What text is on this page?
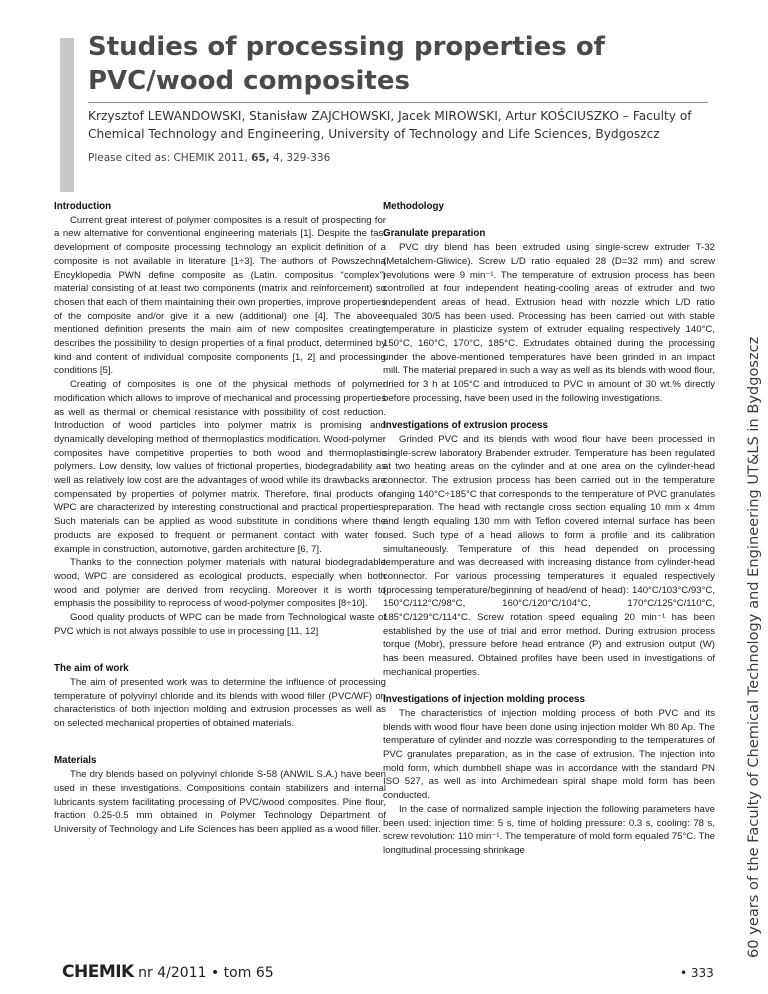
Studies of processing properties of PVC/wood composites
Krzysztof LEWANDOWSKI, Stanisław ZAJCHOWSKI, Jacek MIROWSKI, Artur KOŚCIUSZKO – Faculty of Chemical Technology and Engineering, University of Technology and Life Sciences, Bydgoszcz
Please cited as: CHEMIK 2011, 65, 4, 329-336
60 years of the Faculty of Chemical Technology and Engineering UT&LS in Bydgoszcz
Introduction

Current great interest of polymer composites is a result of prospecting for a new alternative for conventional engineering materials [1]. Despite the fast development of composite processing technology an explicit definition of a composite is not available in literature [1÷3]. The authors of Powszechna Encyklopedia PWN define composite as (Latin. compositus “complex”) material consisting of at least two components (matrix and reinforcement) so chosen that each of them maintaining their own properties, improve properties of the composite and/or give it a new (additional) one [4]. The above-mentioned definition presents the main aim of new composites creating; describes the possibility to design properties of a final product, determined by kind and content of individual composite components [1, 2] and processing conditions [5].

Creating of composites is one of the physical methods of polymer modification which allows to improve of mechanical and processing properties as well as thermal or chemical resistance with possibility of cost reduction. Introduction of wood particles into polymer matrix is promising and dynamically developing method of thermoplastics modification. Wood-polymer composites have competitive properties to both wood and thermoplastic polymers. Low density, low values of frictional properties, biodegradability as well as relatively low cost are the advantages of wood while its drawbacks are compensated by properties of polymer matrix. Therefore, final products of WPC are characterized by interesting constructional and practical properties. Such materials can be applied as wood substitute in conditions where the products are exposed to frequent or permanent contact with water for example in construction, automotive, garden architecture [6, 7].

Thanks to the connection polymer materials with natural biodegradable wood, WPC are considered as ecological products, especially when both wood and polymer are derived from recycling. Moreover it is worth to emphasis the possibility to reprocess of wood-polymer composites [8÷10].

Good quality products of WPC can be made from Technological waste of PVC which is not always possible to use in processing [11, 12]

The aim of work

The aim of presented work was to determine the influence of processing temperature of polyvinyl chloride and its blends with wood filler (PVC/WF) on characteristics of both injection molding and extrusion processes as well as on selected mechanical properties of obtained materials.

Materials

The dry blends based on polyvinyl chloride S-58 (ANWIL S.A.) have been used in these investigations. Compositions contain stabilizers and internal lubricants system facilitating processing of PVC/wood composites. Pine flour, fraction 0.25-0.5 mm obtained in Polymer Technology Department of University of Technology and Life Sciences has been applied as a wood filler.

Methodology
Granulate preparation

PVC dry blend has been extruded using single-screw extruder T-32 (Metalchem-Gliwice). Screw L/D ratio equaled 28 (D=32 mm) and screw revolutions were 9 min⁻¹. The temperature of extrusion process has been controlled at four independent heating-cooling areas of extruder and two independent areas of head. Extrusion head with nozzle which L/D ratio equaled 30/5 has been used. Processing has been carried out with stable temperature in plasticize system of extruder equaling respectively 140°C, 150°C, 160°C, 170°C, 185°C. Extrudates obtained during the processing under the above-mentioned temperatures have been grinded in an impact mill. The material prepared in such a way as well as its blends with wood flour, dried for 3 h at 105°C and introduced to PVC in amount of 30 wt.% directly before processing, have been used in the following investigations.

Investigations of extrusion process

Grinded PVC and its blends with wood flour have been processed in single-screw laboratory Brabender extruder. Temperature has been regulated at two heating areas on the cylinder and at one area on the cylinder-head connector. The extrusion process has been carried out in the temperature ranging 140°C÷185°C that corresponds to the temperature of PVC granulates preparation. The head with rectangle cross section equaling 10 mm x 4mm and length equaling 130 mm with Teflon covered internal surface has been used. Such type of a head allows to form a profile and its calibration simultaneously. Temperature of this head depended on processing temperature and was decreased with increasing distance from cylinder-head connector. For various processing temperatures it equaled respectively (processing temperature/beginning of head/end of head): 140°C/103°C/93°C, 150°C/112°C/98°C, 160°C/120°C/104°C, 170°C/125°C/110°C, 185°C/129°C/114°C. Screw rotation speed equaling 20 min⁻¹ has been established by the use of trial and error method. During extrusion process torque (Mobr), pressure before head entrance (P) and extrusion output (W) has been measured. Obtained profiles have been used in investigations of mechanical properties.

Investigations of injection molding process

The characteristics of injection molding process of both PVC and its blends with wood flour have been done using injection molder Wh 80 Ap. The temperature of cylinder and nozzle was corresponding to the temperatures of PVC granulates preparation, as in the case of extrusion. The injection into mold form, which dumbbell shape was in accordance with the standard PN ISO 527, as well as into Archimedean spiral shape mold form has been conducted.

In the case of normalized sample injection the following parameters have been used: injection time: 5 s, time of holding pressure: 0.3 s, cooling: 78 s, screw revolution: 110 min⁻¹. The temperature of mold form equaled 75°C. The longitudinal processing shrinkage

CHEMIK nr 4/2011 • tom 65	• 333
